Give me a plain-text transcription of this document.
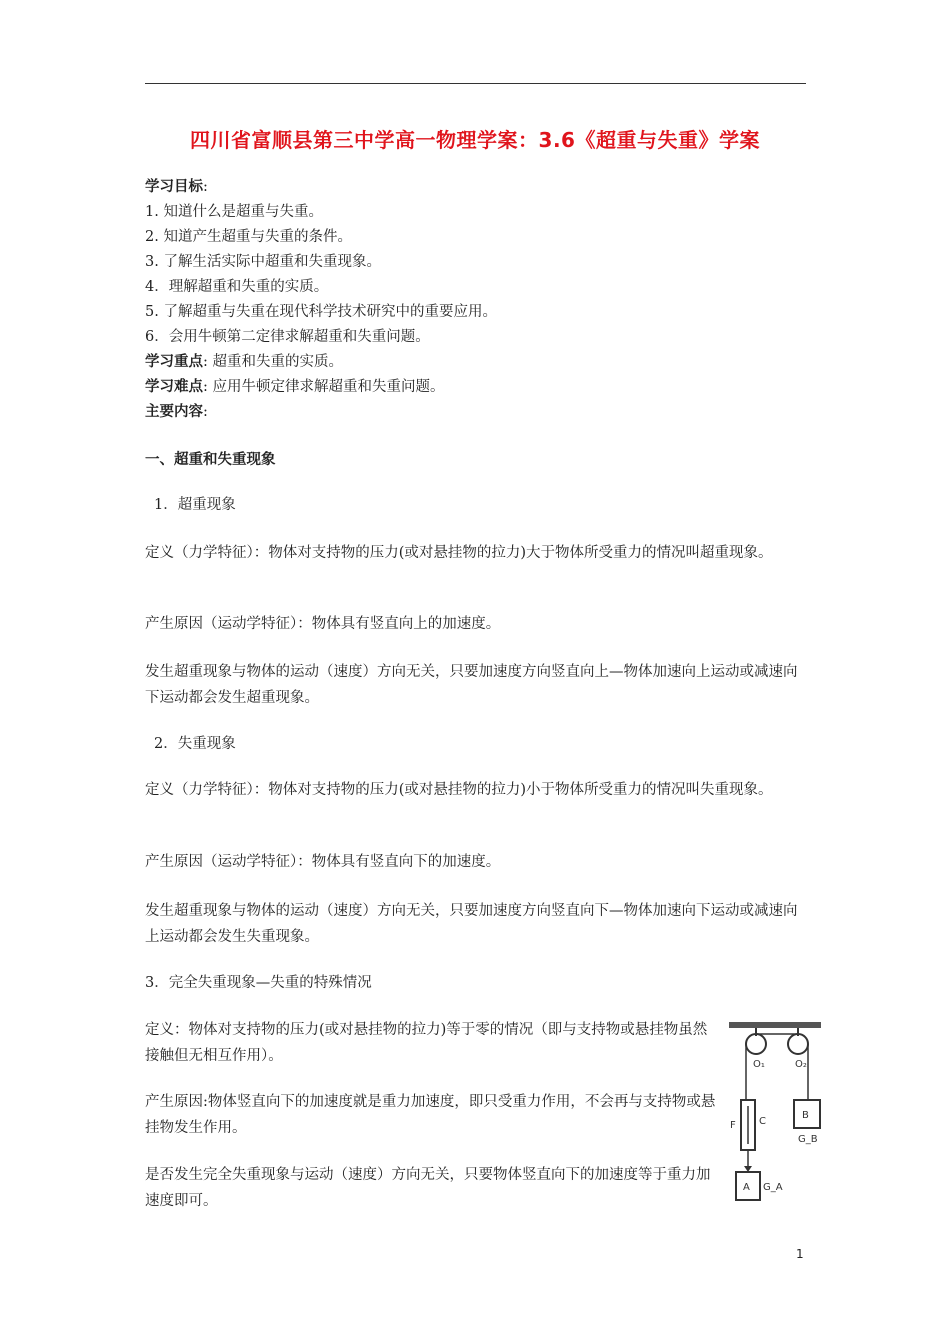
四川省富顺县第三中学高一物理学案：3.6《超重与失重》学案
学习目标:
1. 知道什么是超重与失重。
2. 知道产生超重与失重的条件。
3. 了解生活实际中超重和失重现象。
4．理解超重和失重的实质。
5. 了解超重与失重在现代科学技术研究中的重要应用。
6．会用牛顿第二定律求解超重和失重问题。
学习重点: 超重和失重的实质。
学习难点: 应用牛顿定律求解超重和失重问题。
主要内容:
一、超重和失重现象
1．超重现象
定义（力学特征）：物体对支持物的压力(或对悬挂物的拉力)大于物体所受重力的情况叫超重现象。
产生原因（运动学特征）：物体具有竖直向上的加速度。
发生超重现象与物体的运动（速度）方向无关，只要加速度方向竖直向上—物体加速向上运动或减速向下运动都会发生超重现象。
2．失重现象
定义（力学特征）：物体对支持物的压力(或对悬挂物的拉力)小于物体所受重力的情况叫失重现象。
产生原因（运动学特征）：物体具有竖直向下的加速度。
发生超重现象与物体的运动（速度）方向无关，只要加速度方向竖直向下—物体加速向下运动或减速向上运动都会发生失重现象。
3．完全失重现象—失重的特殊情况
定义：物体对支持物的压力(或对悬挂物的拉力)等于零的情况（即与支持物或悬挂物虽然接触但无相互作用）。
产生原因:物体竖直向下的加速度就是重力加速度，即只受重力作用，不会再与支持物或悬挂物发生作用。
是否发生完全失重现象与运动（速度）方向无关，只要物体竖直向下的加速度等于重力加速度即可。
O₁	O₂
F C
B
G_B
A G_A
1
